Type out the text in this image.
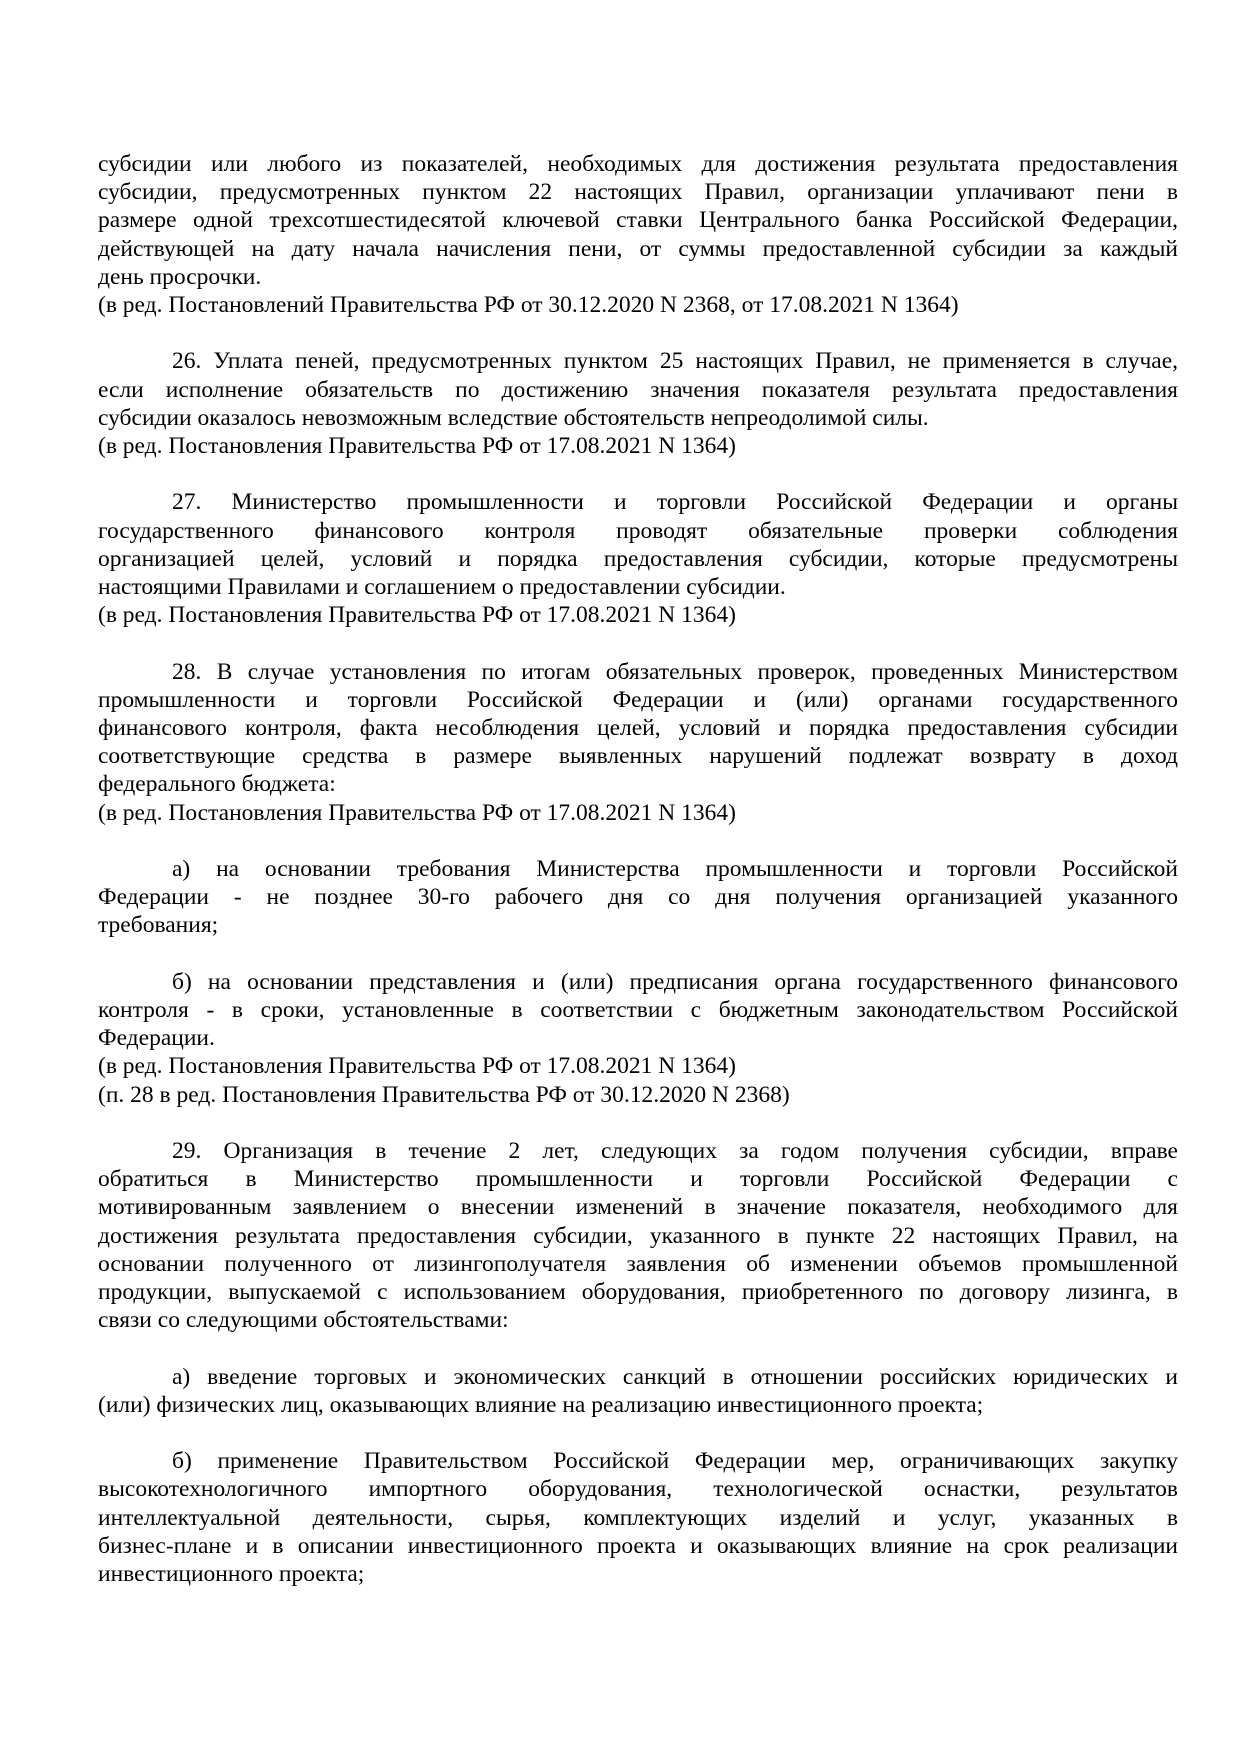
субсидии или любого из показателей, необходимых для достижения результата предоставления
субсидии, предусмотренных пунктом 22 настоящих Правил, организации уплачивают пени в
размере одной трехсотшестидесятой ключевой ставки Центрального банка Российской Федерации,
действующей на дату начала начисления пени, от суммы предоставленной субсидии за каждый
день просрочки.
(в ред. Постановлений Правительства РФ от 30.12.2020 N 2368, от 17.08.2021 N 1364)
26. Уплата пеней, предусмотренных пунктом 25 настоящих Правил, не применяется в случае,
если исполнение обязательств по достижению значения показателя результата предоставления
субсидии оказалось невозможным вследствие обстоятельств непреодолимой силы.
(в ред. Постановления Правительства РФ от 17.08.2021 N 1364)
27. Министерство промышленности и торговли Российской Федерации и органы
государственного финансового контроля проводят обязательные проверки соблюдения
организацией целей, условий и порядка предоставления субсидии, которые предусмотрены
настоящими Правилами и соглашением о предоставлении субсидии.
(в ред. Постановления Правительства РФ от 17.08.2021 N 1364)
28. В случае установления по итогам обязательных проверок, проведенных Министерством
промышленности и торговли Российской Федерации и (или) органами государственного
финансового контроля, факта несоблюдения целей, условий и порядка предоставления субсидии
соответствующие средства в размере выявленных нарушений подлежат возврату в доход
федерального бюджета:
(в ред. Постановления Правительства РФ от 17.08.2021 N 1364)
а) на основании требования Министерства промышленности и торговли Российской
Федерации - не позднее 30-го рабочего дня со дня получения организацией указанного
требования;
б) на основании представления и (или) предписания органа государственного финансового
контроля - в сроки, установленные в соответствии с бюджетным законодательством Российской
Федерации.
(в ред. Постановления Правительства РФ от 17.08.2021 N 1364)
(п. 28 в ред. Постановления Правительства РФ от 30.12.2020 N 2368)
29. Организация в течение 2 лет, следующих за годом получения субсидии, вправе
обратиться в Министерство промышленности и торговли Российской Федерации с
мотивированным заявлением о внесении изменений в значение показателя, необходимого для
достижения результата предоставления субсидии, указанного в пункте 22 настоящих Правил, на
основании полученного от лизингополучателя заявления об изменении объемов промышленной
продукции, выпускаемой с использованием оборудования, приобретенного по договору лизинга, в
связи со следующими обстоятельствами:
а) введение торговых и экономических санкций в отношении российских юридических и
(или) физических лиц, оказывающих влияние на реализацию инвестиционного проекта;
б) применение Правительством Российской Федерации мер, ограничивающих закупку
высокотехнологичного импортного оборудования, технологической оснастки, результатов
интеллектуальной деятельности, сырья, комплектующих изделий и услуг, указанных в
бизнес-плане и в описании инвестиционного проекта и оказывающих влияние на срок реализации
инвестиционного проекта;
